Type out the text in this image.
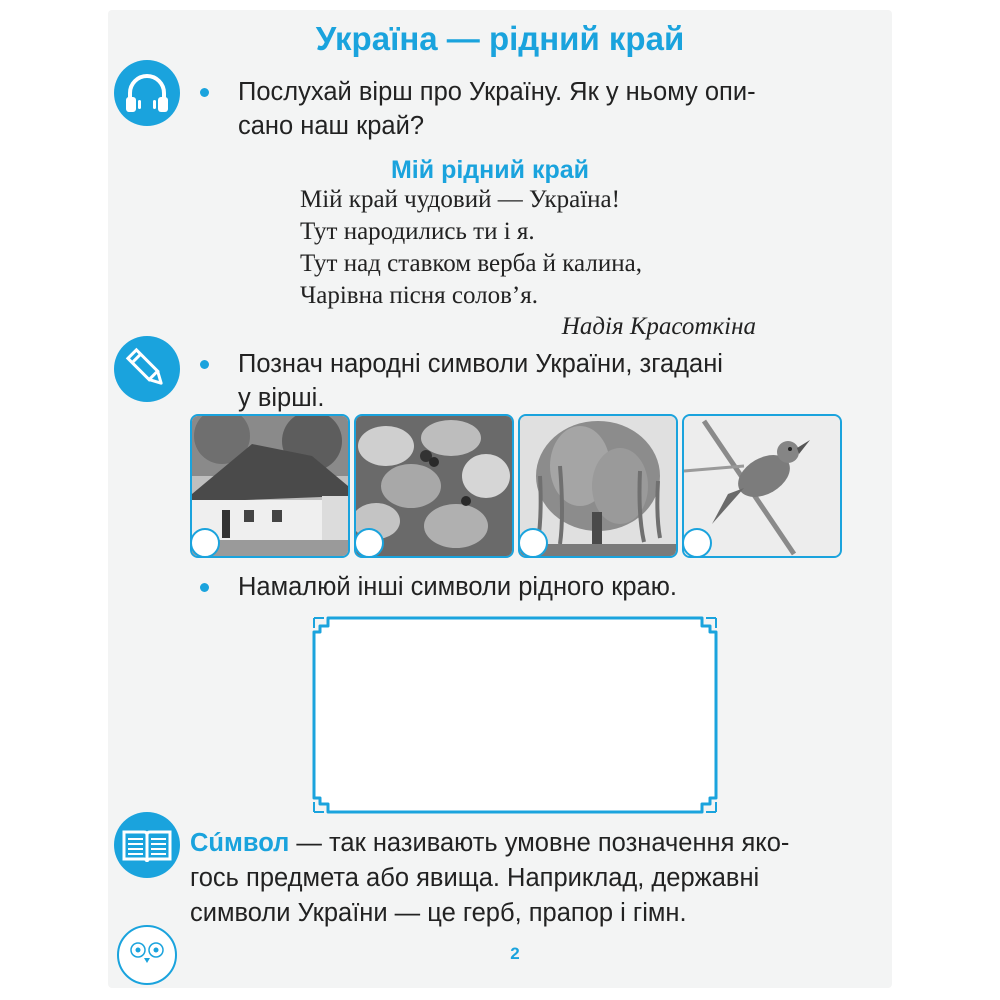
Україна — рідний край
Послухай вірш про Україну. Як у ньому опи-
сано наш край?
Мій рідний край
Мій край чудовий — Україна!
Тут народились ти і я.
Тут над ставком верба й калина,
Чарівна пісня солов’я.
Надія Красоткіна
Познач народні символи України, згадані
у вірші.
Намалюй інші символи рідного краю.
Сúмвол — так називають умовне позначення яко-
гось предмета або явища. Наприклад, державні
символи України — це герб, прапор і гімн.
2
